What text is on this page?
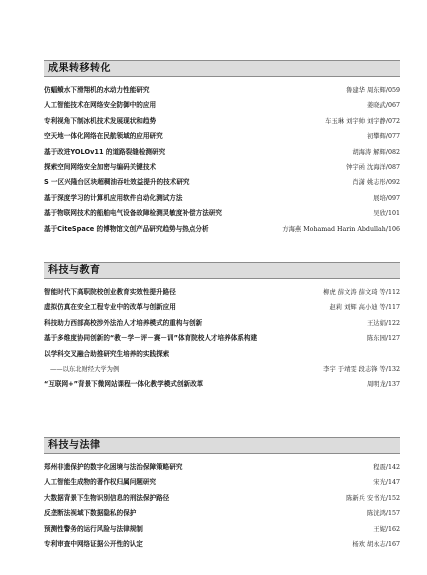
成果转移转化
仿蝠鲼水下滑翔机的水动力性能研究	鲁建华 周东辉/059
人工智能技术在网络安全防御中的应用	姜晓武/067
专利视角下制冰机技术发展现状和趋势	车玉琳 刘宇帅 刘宇静/072
空天地一体化网络在民航领域的应用研究	初攀辉/077
基于改进YOLOv11 的道路裂缝检测研究	胡海涛 解辉/082
探索空间网络安全加密与编码关键技术	钟宇函 沈海洋/087
S 一区兴隆台区块超稠油吞吐效益提升的技术研究	肖潇 姚志彤/092
基于深度学习的计算机应用软件自动化测试方法	展培/097
基于物联网技术的船舶电气设备故障检测灵敏度补偿方法研究	吴欣/101
基于CiteSpace 的博物馆文创产品研究趋势与热点分析	方海燕 Mohamad Harin Abdullah/106
科技与教育
智能时代下高职院校创业教育实效性提升路径	柳虎 薛文涛 薛文琦 等/112
虚拟仿真在安全工程专业中的改革与创新应用	赵莉 刘辉 高小迪 等/117
科技助力西部高校涉外法治人才培养模式的重构与创新	王达娟/122
基于多维度协同创新的“教－学－评－赛－训”体育院校人才培养体系构建	陈东园/127
以学科交叉融合助推研究生培养的实践探索
——以东北财经大学为例	李宇 于靖雯 段志锋 等/132
“互联网+”背景下微网站课程一体化教学模式创新改革	周明龙/137
科技与法律
郑州非遗保护的数字化困境与法治保障策略研究	程震/142
人工智能生成物的著作权归属问题研究	宋光/147
大数据背景下生物识别信息的刑法保护路径	陈新兵 安书光/152
反垄断法视域下数据隐私的保护	陈洸鸿/157
预测性警务的运行风险与法律规制	王妮/162
专利审查中网络证据公开性的认定	杨欢 胡永志/167
